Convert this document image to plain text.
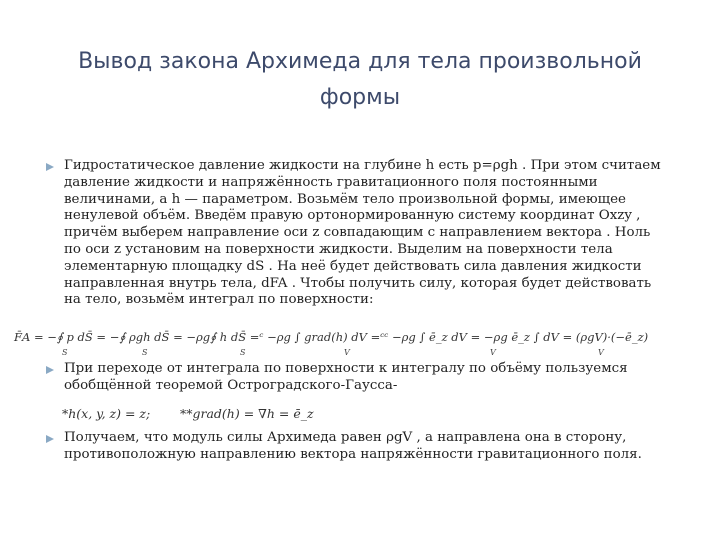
Вывод закона Архимеда для тела произвольной
формы
Гидростатическое давление жидкости на глубине h есть p=ρgh . При этом считаем
давление жидкости и напряжённость гравитационного поля постоянными
величинами, а h — параметром. Возьмём тело произвольной формы, имеющее
ненулевой объём. Введём правую ортонормированную систему координат Oxzy ,
причём выберем направление оси z совпадающим с направлением вектора . Ноль
по оси z установим на поверхности жидкости. Выделим на поверхности тела
элементарную площадку dS . На неё будет действовать сила давления жидкости
направленная внутрь тела, dFA . Чтобы получить силу, которая будет действовать
на тело, возьмём интеграл по поверхности:
F̄A = −∮ p dS̄ = −∮ ρgh dS̄ = −ρg∮ h dS̄ =ᶜ −ρg ∫ grad(h) dV =ᶜᶜ −ρg ∫ ē_z dV = −ρg ē_z ∫ dV = (ρgV)·(−ē_z)
S	S	S	V	V	V
При переходе от интеграла по поверхности к интегралу по объёму пользуемся
обобщённой теоремой Остроградского-Гаусса-
*h(x, y, z) = z; **grad(h) = ∇h = ē_z
Получаем, что модуль силы Архимеда равен ρgV , а направлена она в сторону,
противоположную направлению вектора напряжённости гравитационного поля.
